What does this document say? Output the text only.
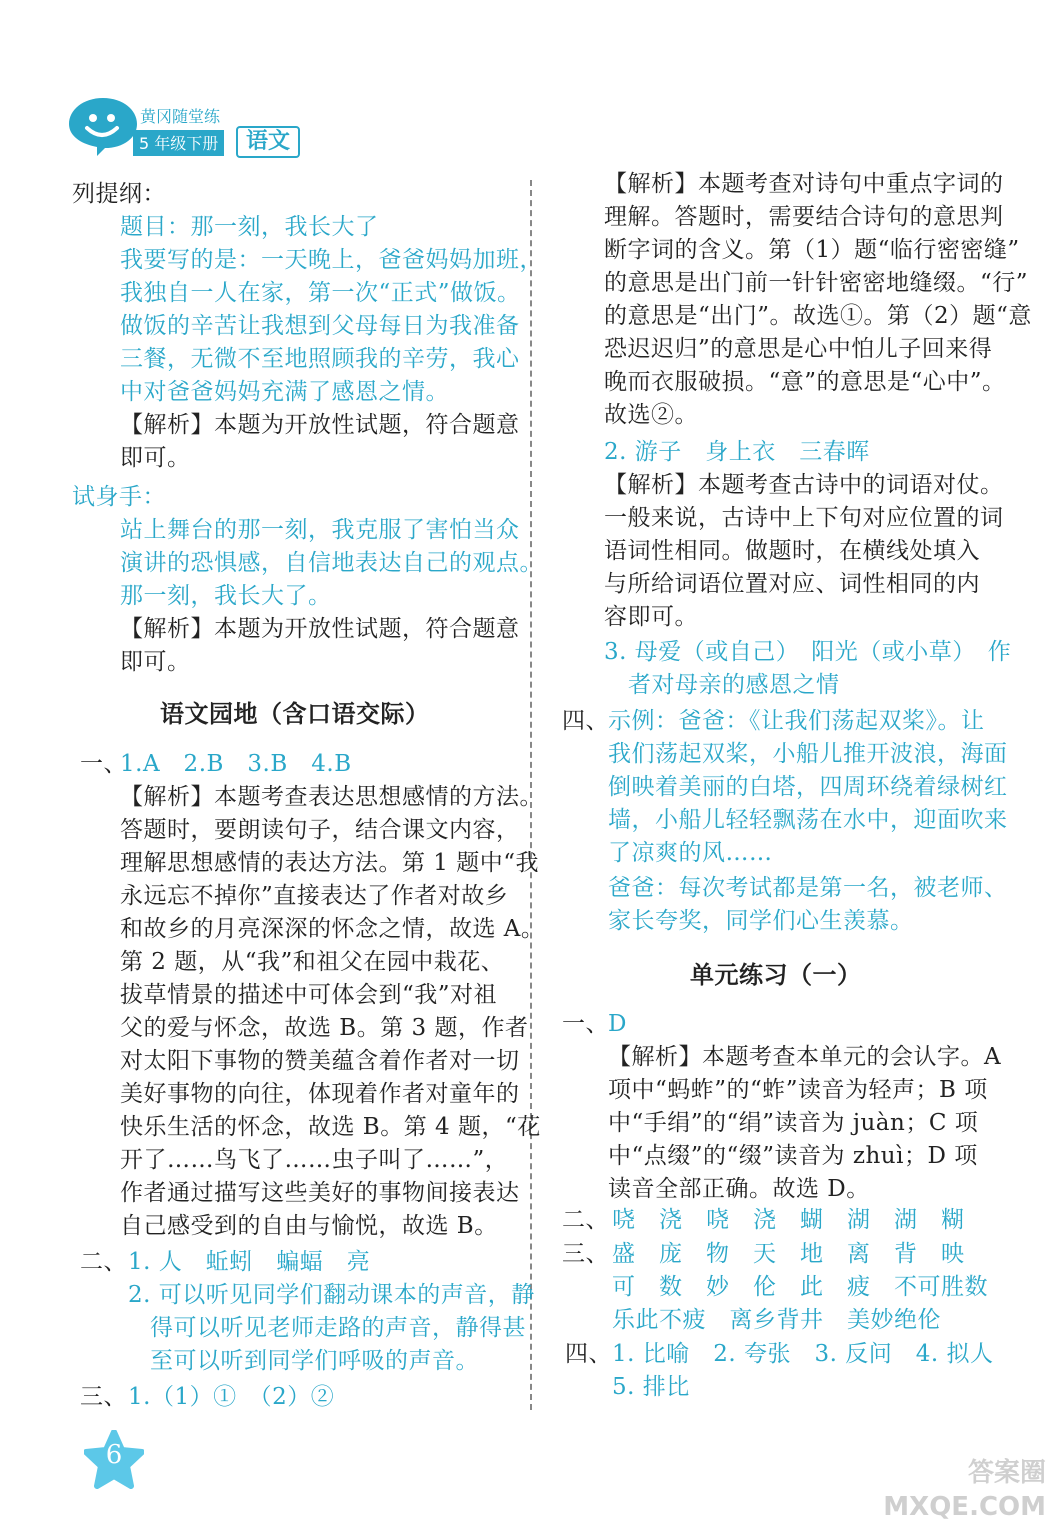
黄冈随堂练
5 年级下册	语文
列提纲：
题目：那一刻，我长大了
我要写的是：一天晚上，爸爸妈妈加班，
我独自一人在家，第一次“正式”做饭。
做饭的辛苦让我想到父母每日为我准备
三餐，无微不至地照顾我的辛劳，我心
中对爸爸妈妈充满了感恩之情。
【解析】本题为开放性试题，符合题意
即可。
试身手：
站上舞台的那一刻，我克服了害怕当众
演讲的恐惧感，自信地表达自己的观点。
那一刻，我长大了。
【解析】本题为开放性试题，符合题意
即可。
语文园地（含口语交际）
一、
1.A　2.B　3.B　4.B
【解析】本题考查表达思想感情的方法。
答题时，要朗读句子，结合课文内容，
理解思想感情的表达方法。第 1 题中“我
永远忘不掉你”直接表达了作者对故乡
和故乡的月亮深深的怀念之情，故选 A。
第 2 题，从“我”和祖父在园中栽花、
拔草情景的描述中可体会到“我”对祖
父的爱与怀念，故选 B。第 3 题，作者
对太阳下事物的赞美蕴含着作者对一切
美好事物的向往，体现着作者对童年的
快乐生活的怀念，故选 B。第 4 题，“花
开了……鸟飞了……虫子叫了……”，
作者通过描写这些美好的事物间接表达
自己感受到的自由与愉悦，故选 B。
二、 1. 人　蚯蚓　蝙蝠　亮
2. 可以听见同学们翻动课本的声音，静
得可以听见老师走路的声音，静得甚
至可以听到同学们呼吸的声音。
三、 1.（1）①　（2）②
【解析】本题考查对诗句中重点字词的
理解。答题时，需要结合诗句的意思判
断字词的含义。第（1）题“临行密密缝”
的意思是出门前一针针密密地缝缀。“行”
的意思是“出门”。故选①。第（2）题“意
恐迟迟归”的意思是心中怕儿子回来得
晚而衣服破损。“意”的意思是“心中”。
故选②。
2. 游子　身上衣　三春晖
【解析】本题考查古诗中的词语对仗。
一般来说，古诗中上下句对应位置的词
语词性相同。做题时，在横线处填入
与所给词语位置对应、词性相同的内
容即可。
3. 母爱（或自己）　阳光（或小草）　作
者对母亲的感恩之情
四、 示例：爸爸：《让我们荡起双桨》。让
我们荡起双桨，小船儿推开波浪，海面
倒映着美丽的白塔，四周环绕着绿树红
墙，小船儿轻轻飘荡在水中，迎面吹来
了凉爽的风……
爸爸：每次考试都是第一名，被老师、
家长夸奖，同学们心生羡慕。
单元练习（一）
一、 D
【解析】本题考查本单元的会认字。A
项中“蚂蚱”的“蚱”读音为轻声；B 项
中“手绢”的“绢”读音为 juàn；C 项
中“点缀”的“缀”读音为 zhuì；D 项
读音全部正确。故选 D。
二、 哓　浇　哓　浇　蝴　湖　湖　糊
三、 盛　庞　物　天　地　离　背　映
可　数　妙　伦　此　疲　不可胜数
乐此不疲　离乡背井　美妙绝伦
四、 1. 比喻　2. 夸张　3. 反问　4. 拟人
5. 排比
6
答案圈 MXQE.COM
